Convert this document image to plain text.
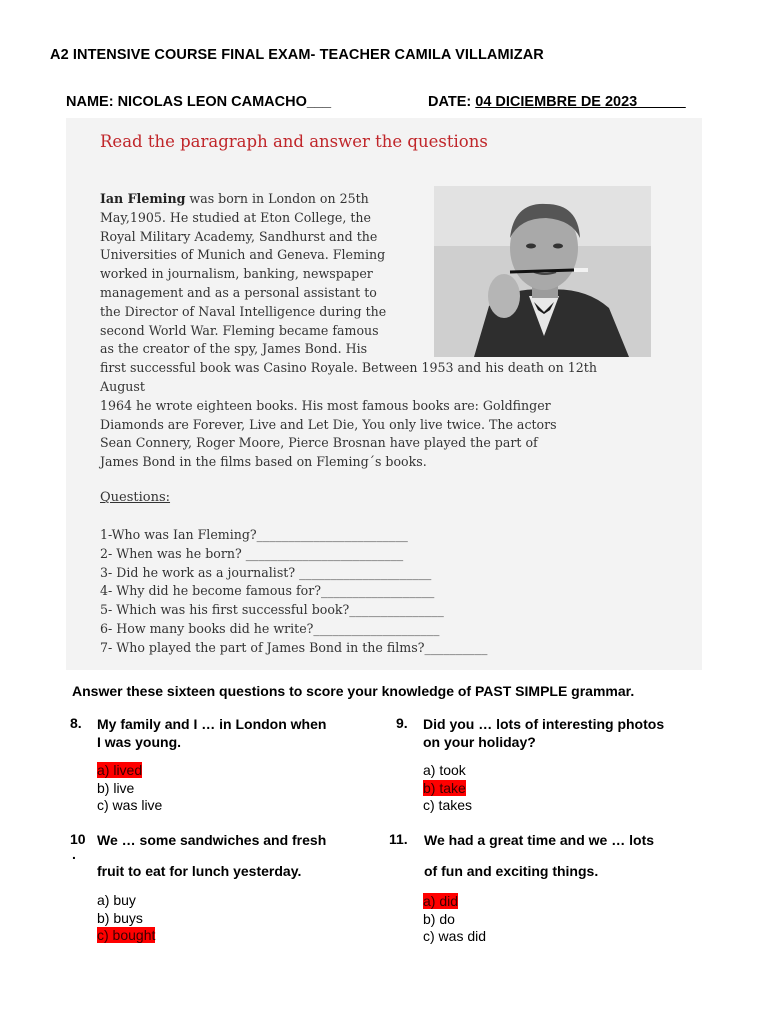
A2 INTENSIVE COURSE FINAL EXAM- TEACHER CAMILA VILLAMIZAR
NAME: NICOLAS LEON CAMACHO___	DATE: 04 DICIEMBRE DE 2023______
Read the paragraph and answer the questions
Ian Fleming was born in London on 25th
May,1905. He studied at Eton College, the
Royal Military Academy, Sandhurst and the
Universities of Munich and Geneva. Fleming
worked in journalism, banking, newspaper
management and as a personal assistant to
the Director of Naval Intelligence during the
second World War. Fleming became famous
as the creator of the spy, James Bond. His
first successful book was Casino Royale. Between 1953 and his death on 12th
August
1964 he wrote eighteen books. His most famous books are: Goldfinger
Diamonds are Forever, Live and Let Die, You only live twice. The actors
Sean Connery, Roger Moore, Pierce Brosnan have played the part of
James Bond in the films based on Fleming´s books.
Questions:
1-Who was Ian Fleming?________________________
2- When was he born? _________________________
3- Did he work as a journalist? _____________________
4- Why did he become famous for?__________________
5- Which was his first successful book?_______________
6- How many books did he write?____________________
7- Who played the part of James Bond in the films?__________
Answer these sixteen questions to score your knowledge of PAST SIMPLE grammar.
8. My family and I … in London when
I was young.
a) lived
b) live
c) was live
9. Did you … lots of interesting photos
on your holiday?
a) took
b) take
c) takes
10
.
We … some sandwiches and fresh
fruit to eat for lunch yesterday.
a) buy
b) buys
c) bought
11. We had a great time and we … lots
of fun and exciting things.
a) did
b) do
c) was did
